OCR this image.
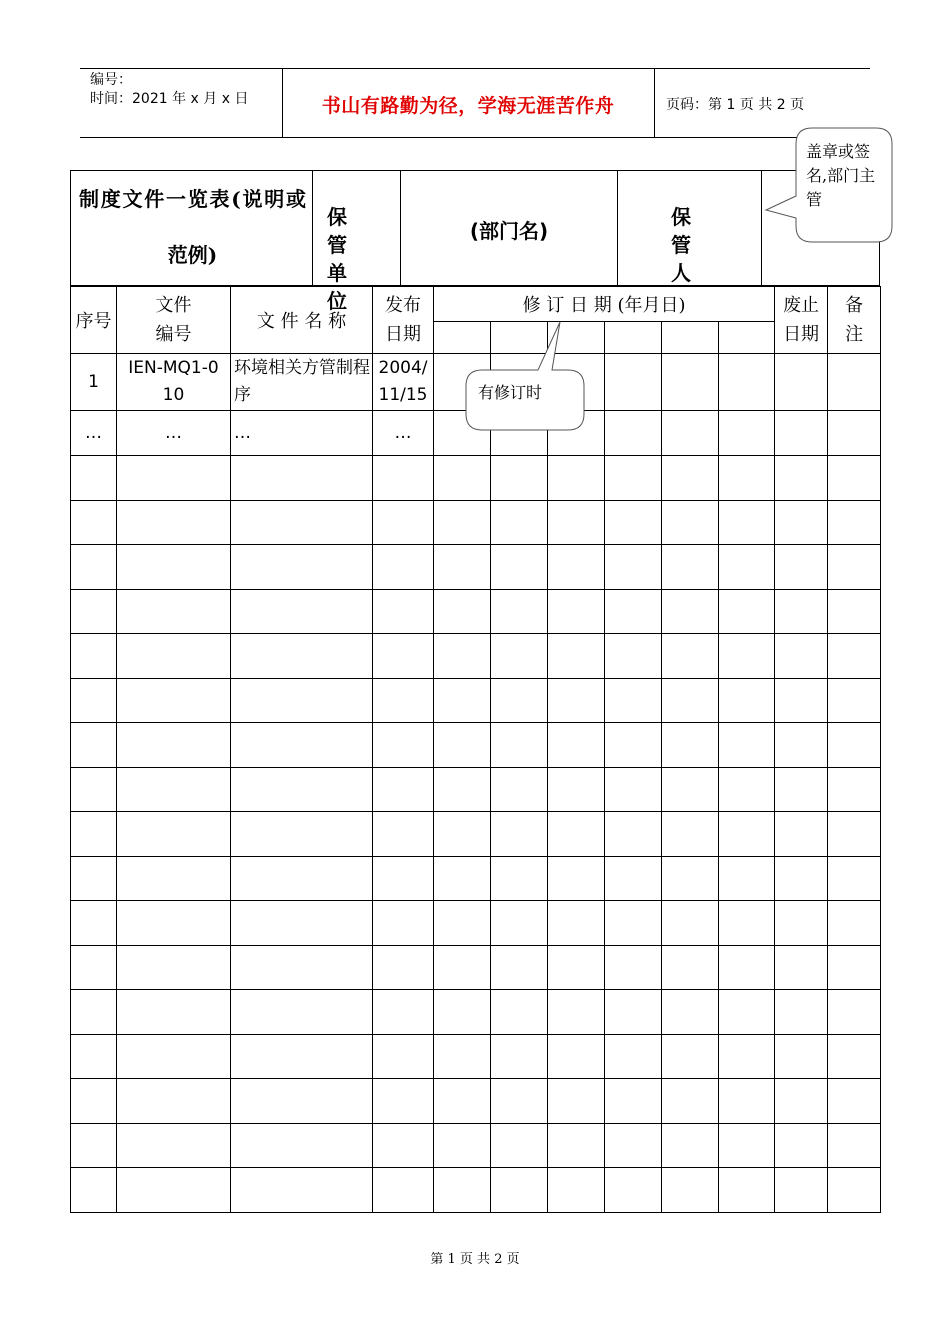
编号：
时间：2021 年 x 月 x 日	书山有路勤为径，学海无涯苦作舟	页码：第 1 页 共 2 页
制度文件一览表(说明或范例)
保 管 单 位
(部门名)
保 管 人
序号	文件编号	文 件 名 称	发布日期	修 订 日 期 (年月日)						废止日期	备注

1	IEN-MQ1-010	环境相关方管制程序	2004/11/15								

…	…	…	…								

盖章或签名,部门主管
有修订时
第 1 页 共 2 页
